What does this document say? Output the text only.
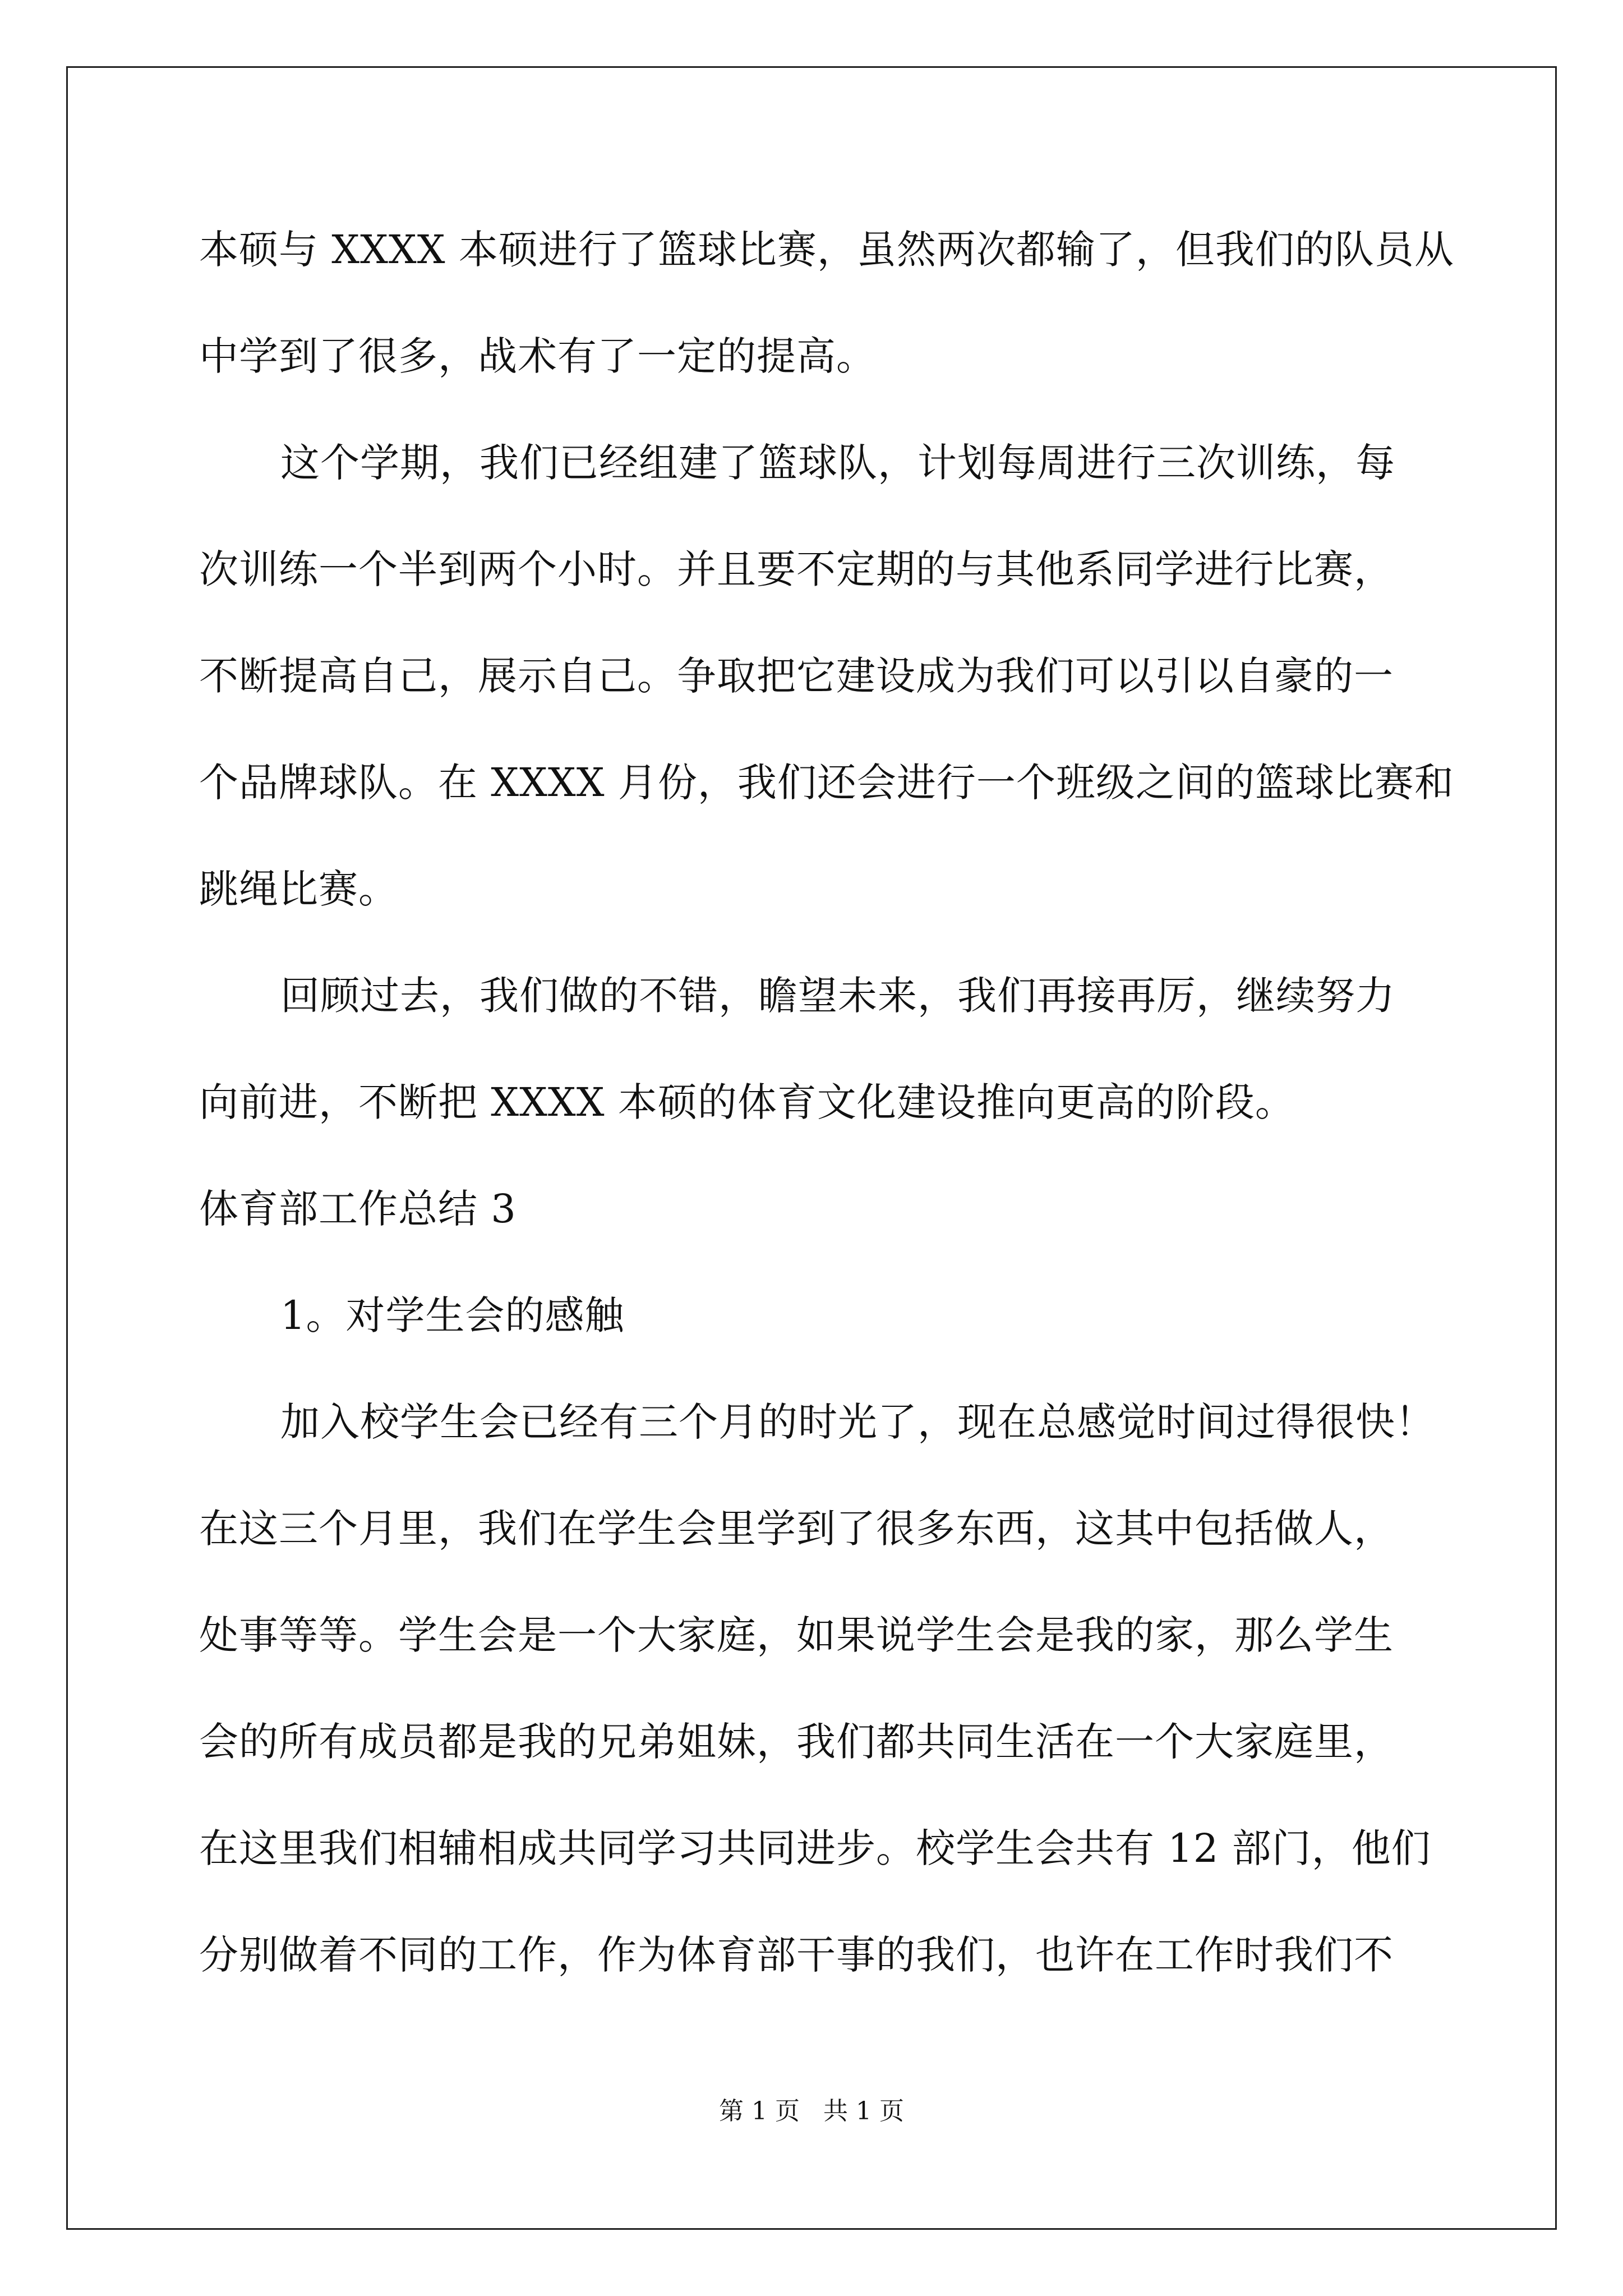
本硕与 XXXX 本硕进行了篮球比赛，虽然两次都输了，但我们的队员从
中学到了很多，战术有了一定的提高。
这个学期，我们已经组建了篮球队，计划每周进行三次训练，每
次训练一个半到两个小时。并且要不定期的与其他系同学进行比赛，
不断提高自己，展示自己。争取把它建设成为我们可以引以自豪的一
个品牌球队。在 XXXX 月份，我们还会进行一个班级之间的篮球比赛和
跳绳比赛。
回顾过去，我们做的不错，瞻望未来，我们再接再厉，继续努力
向前进，不断把 XXXX 本硕的体育文化建设推向更高的阶段。
体育部工作总结 3
1。对学生会的感触
加入校学生会已经有三个月的时光了，现在总感觉时间过得很快！
在这三个月里，我们在学生会里学到了很多东西，这其中包括做人，
处事等等。学生会是一个大家庭，如果说学生会是我的家，那么学生
会的所有成员都是我的兄弟姐妹，我们都共同生活在一个大家庭里，
在这里我们相辅相成共同学习共同进步。校学生会共有 12 部门，他们
分别做着不同的工作，作为体育部干事的我们，也许在工作时我们不
第 1 页   共 1 页
